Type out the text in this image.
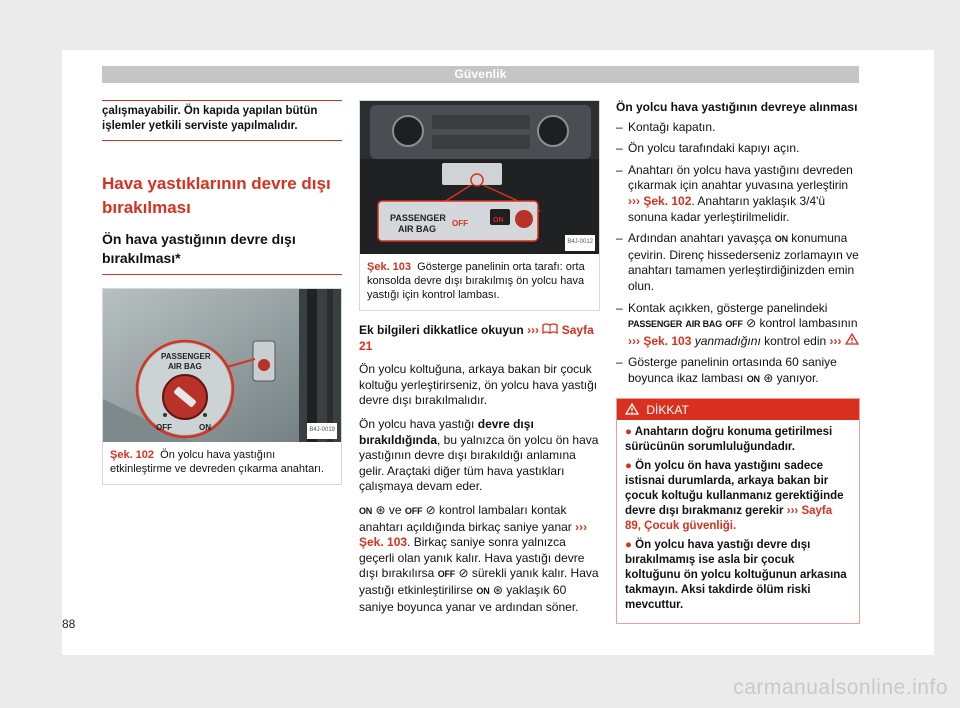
Güvenlik
çalışmayabilir. Ön kapıda yapılan bütün işlemler yetkili serviste yapılmalıdır.
Hava yastıklarının devre dışı bırakılması
Ön hava yastığının devre dışı bırakılması*
PASSENGER
AIR BAG
OFF	ON	B4J-0019
Şek. 102 Ön yolcu hava yastığını etkinleştirme ve devreden çıkarma anahtarı.
PASSENGER
AIR BAG
OFF	ON
B4J-0012
Şek. 103 Gösterge panelinin orta tarafı: orta konsolda devre dışı bırakılmış ön yolcu hava yastığı için kontrol lambası.

Ek bilgileri dikkatlice okuyun ››› Sayfa 21

Ön yolcu koltuğuna, arkaya bakan bir çocuk koltuğu yerleştirirseniz, ön yolcu hava yastığı devre dışı bırakılmalıdır.

Ön yolcu hava yastığı devre dışı bırakıldığında, bu yalnızca ön yolcu ön hava yastığının devre dışı bırakıldığı anlamına gelir. Araçtaki diğer tüm hava yastıkları çalışmaya devam eder.

ON ⊛ ve OFF ⊘ kontrol lambaları kontak anahtarı açıldığında birkaç saniye yanar ››› Şek. 103. Birkaç saniye sonra yalnızca geçerli olan yanık kalır. Hava yastığı devre dışı bırakılırsa OFF ⊘ sürekli yanık kalır. Hava yastığı etkinleştirilirse ON ⊛ yaklaşık 60 saniye boyunca yanar ve ardından söner.

Ön yolcu hava yastığının devreye alınması

– Kontağı kapatın.
– Ön yolcu tarafındaki kapıyı açın.
– Anahtarı ön yolcu hava yastığını devreden çıkarmak için anahtar yuvasına yerleştirin ››› Şek. 102. Anahtarın yaklaşık 3/4'ü sonuna kadar yerleştirilmelidir.
– Ardından anahtarı yavaşça ON konumuna çevirin. Direnç hissederseniz zorlamayın ve anahtarı tamamen yerleştirdiğinizden emin olun.
– Kontak açıkken, gösterge panelindeki PASSENGER AIR BAG OFF ⊘ kontrol lambasının ››› Şek. 103 yanmadığını kontrol edin ›››
– Gösterge panelinin ortasında 60 saniye boyunca ikaz lambası ON ⊛ yanıyor.
DİKKAT
● Anahtarın doğru konuma getirilmesi sürücünün sorumluluğundadır.
● Ön yolcu ön hava yastığını sadece istisnai durumlarda, arkaya bakan bir çocuk koltuğu kullanmanız gerektiğinde devre dışı bırakmanız gerekir ››› Sayfa 89, Çocuk güvenliği.
● Ön yolcu hava yastığı devre dışı bırakılmamış ise asla bir çocuk koltuğunu ön yolcu koltuğunun arkasına takmayın. Aksi takdirde ölüm riski mevcuttur.
88
carmanualsonline.info
